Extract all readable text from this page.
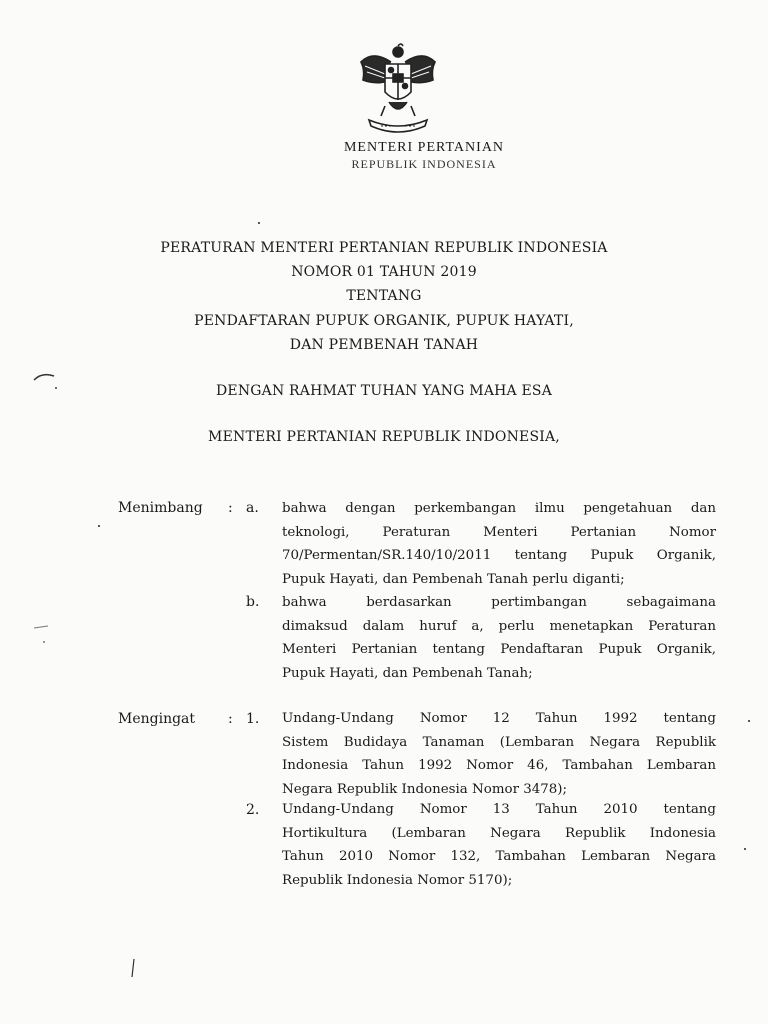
MENTERI PERTANIAN
REPUBLIK INDONESIA
PERATURAN MENTERI PERTANIAN REPUBLIK INDONESIA
NOMOR 01 TAHUN 2019
TENTANG
PENDAFTARAN PUPUK ORGANIK, PUPUK HAYATI,
DAN PEMBENAH TANAH
DENGAN RAHMAT TUHAN YANG MAHA ESA
MENTERI PERTANIAN REPUBLIK INDONESIA,
Menimbang : a. bahwa dengan perkembangan ilmu pengetahuan dan
teknologi, Peraturan Menteri Pertanian Nomor
70/Permentan/SR.140/10/2011 tentang Pupuk Organik,
Pupuk Hayati, dan Pembenah Tanah perlu diganti;
b. bahwa berdasarkan pertimbangan sebagaimana
dimaksud dalam huruf a, perlu menetapkan Peraturan
Menteri Pertanian tentang Pendaftaran Pupuk Organik,
Pupuk Hayati, dan Pembenah Tanah;
Mengingat : 1. Undang-Undang Nomor 12 Tahun 1992 tentang
Sistem Budidaya Tanaman (Lembaran Negara Republik
Indonesia Tahun 1992 Nomor 46, Tambahan Lembaran
Negara Republik Indonesia Nomor 3478);
2. Undang-Undang Nomor 13 Tahun 2010 tentang
Hortikultura (Lembaran Negara Republik Indonesia
Tahun 2010 Nomor 132, Tambahan Lembaran Negara
Republik Indonesia Nomor 5170);
